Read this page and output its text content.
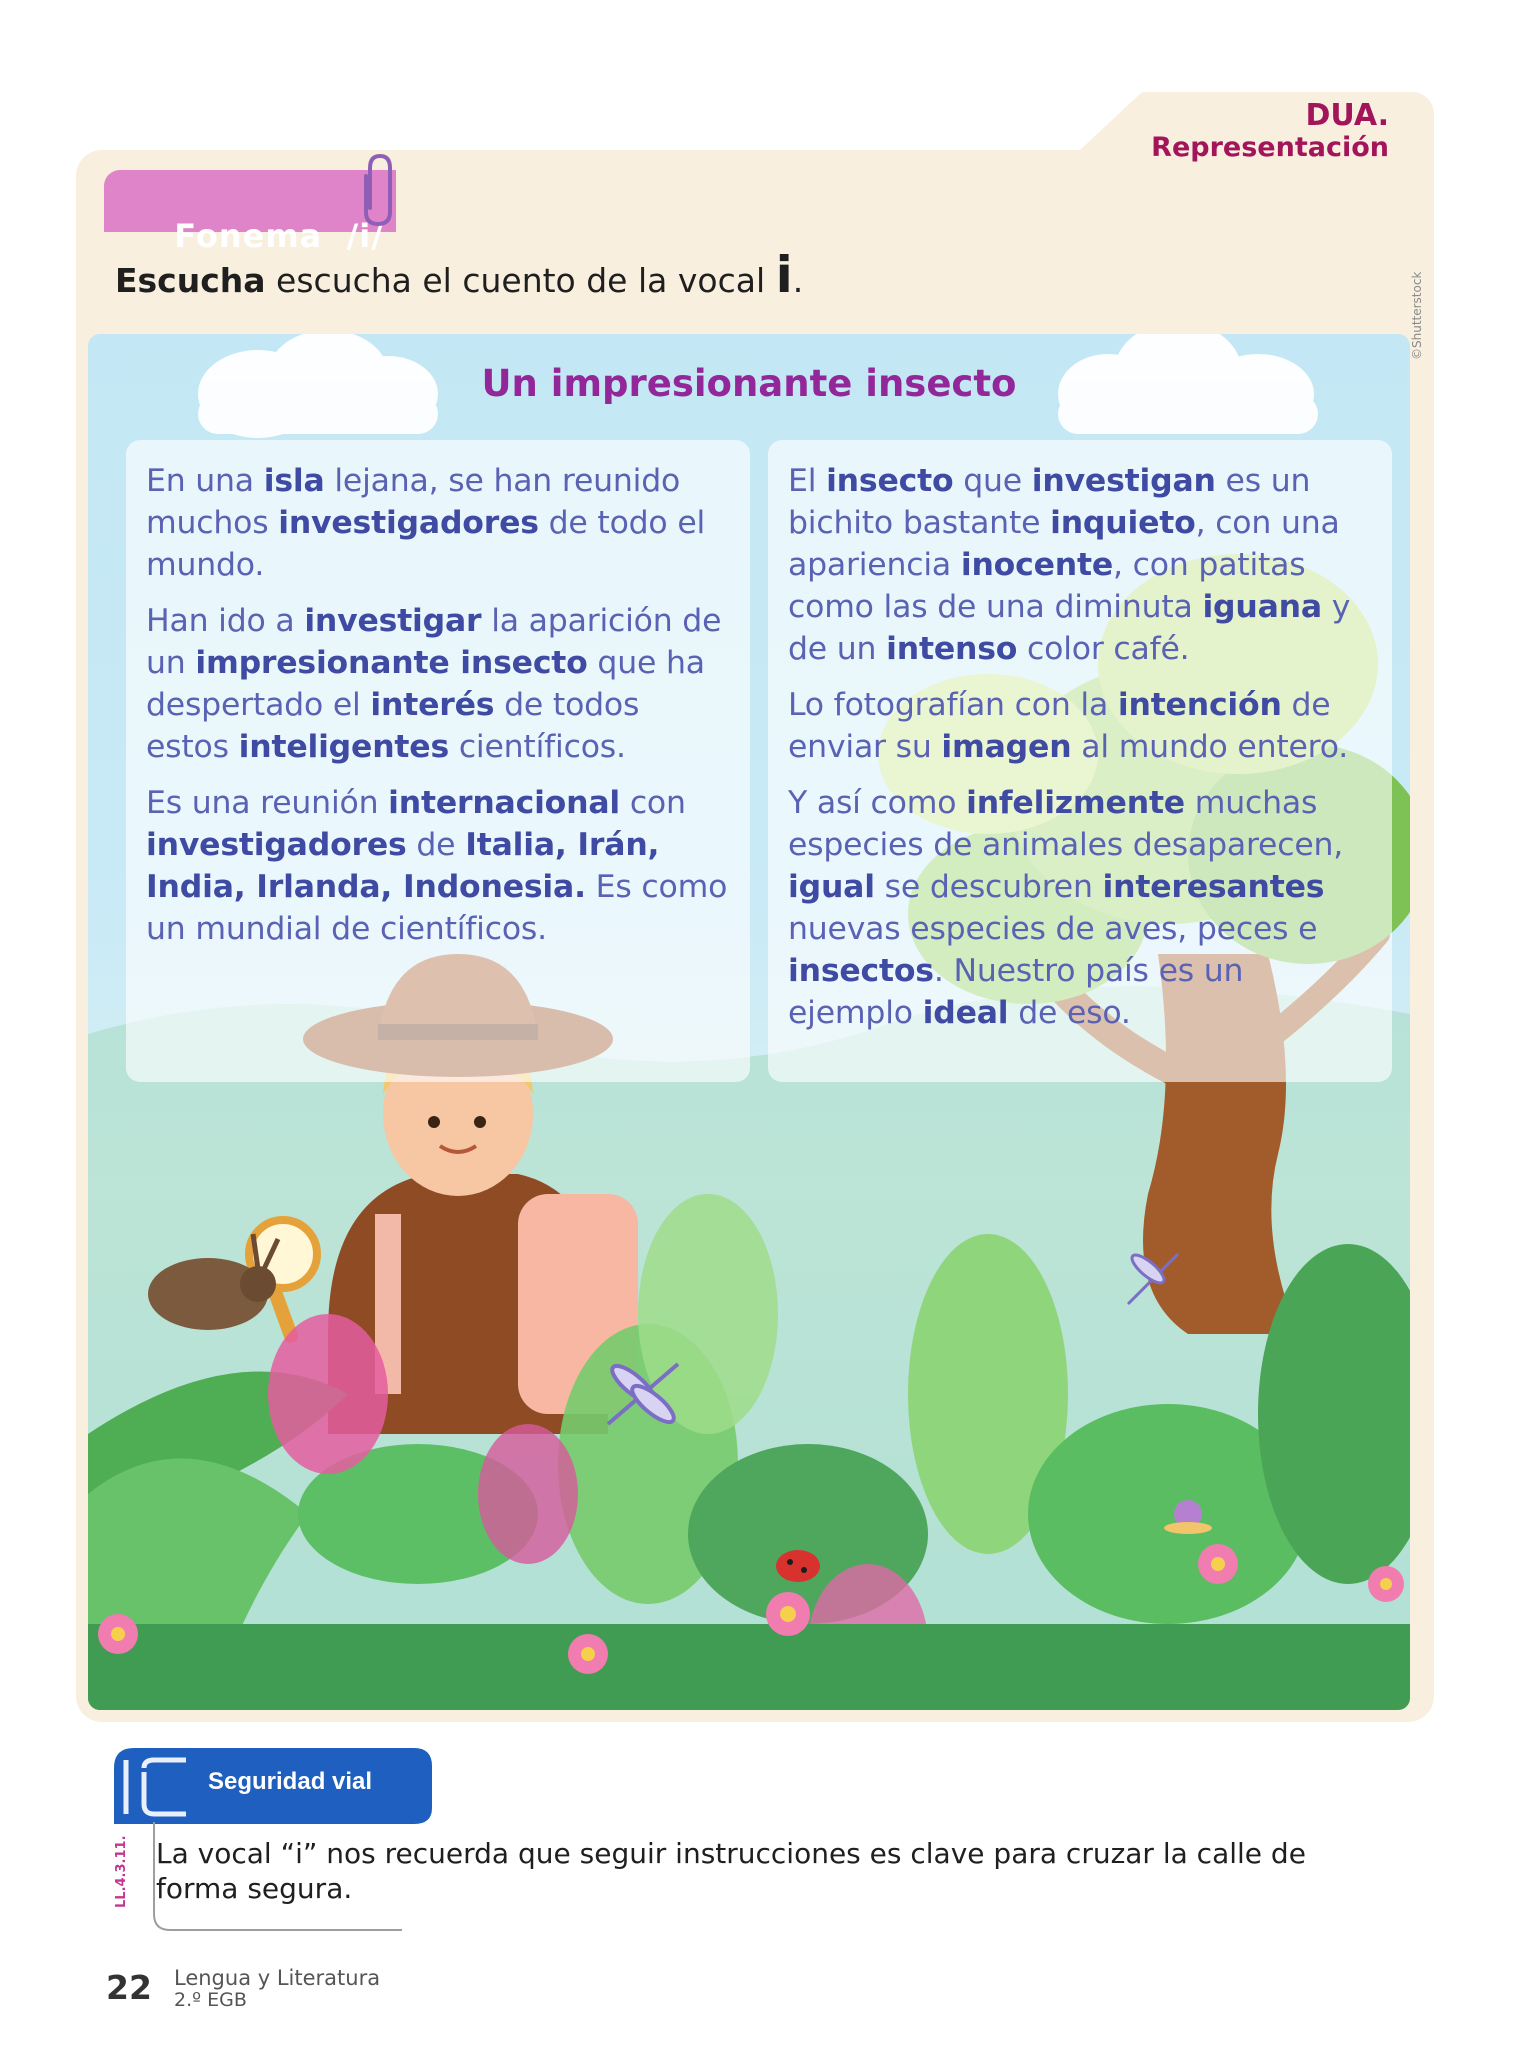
DUA.
Representación

Fonema  /i/

Escucha escucha el cuento de la vocal i.	©Shutterstock
Un impresionante insecto

En una isla lejana, se han reunido muchos investigadores de todo el mundo.

Han ido a investigar la aparición de un impresionante insecto que ha despertado el interés de todos estos inteligentes científicos.

Es una reunión internacional con investigadores de Italia, Irán, India, Irlanda, Indonesia. Es como un mundial de científicos.

El insecto que investigan es un bichito bastante inquieto, con una apariencia inocente, con patitas como las de una diminuta iguana y de un intenso color café.

Lo fotografían con la intención de enviar su imagen al mundo entero.

Y así como infelizmente muchas especies de animales desaparecen, igual se descubren interesantes nuevas especies de aves, peces e insectos. Nuestro país es un ejemplo ideal de eso.

Seguridad vial
LL.4.3.11. La vocal “i” nos recuerda que seguir instrucciones es clave para cruzar la calle de forma segura.
22 Lengua y Literatura
2.º EGB
